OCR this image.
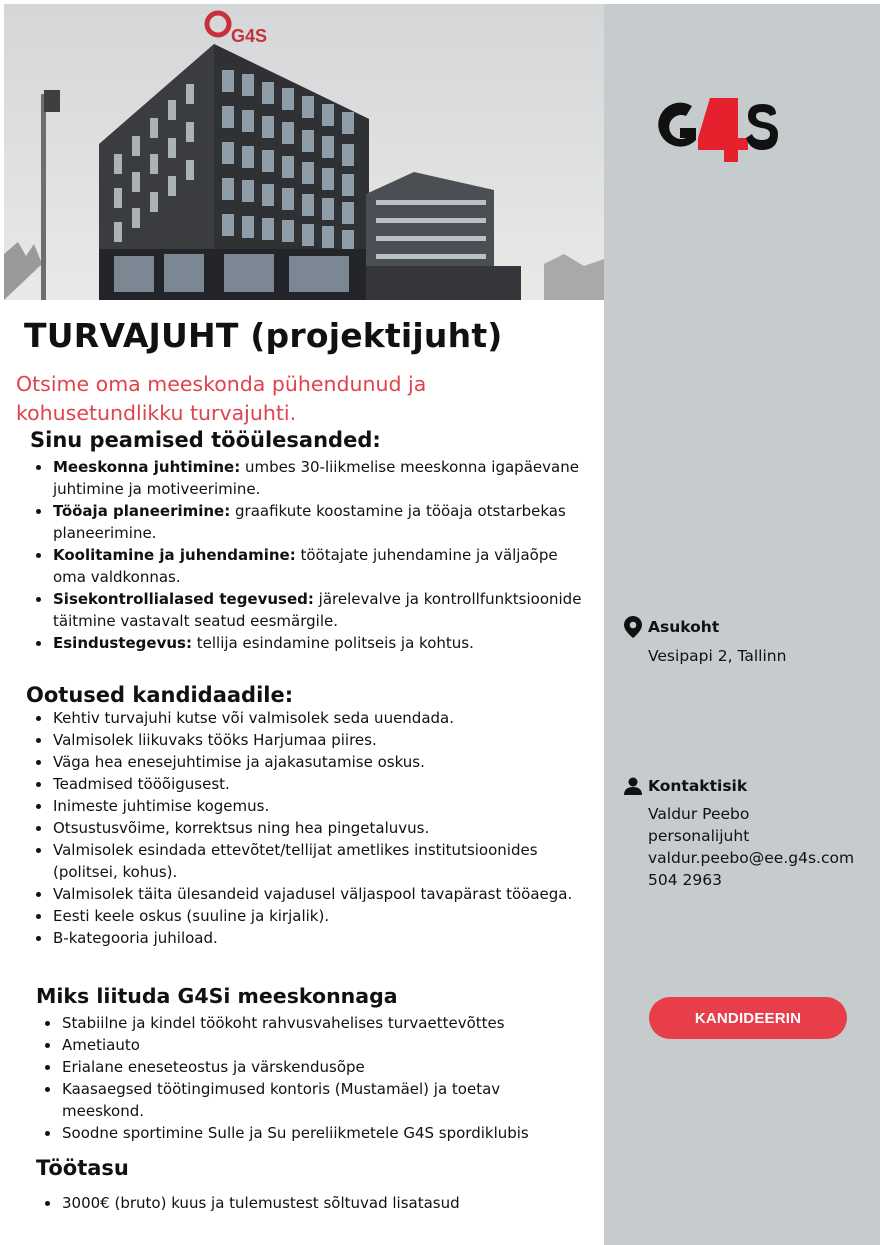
G4S
TURVAJUHT (projektijuht)

Otsime oma meeskonda pühendunud ja kohusetundlikku turvajuhti.

Sinu peamised tööülesanded:
Meeskonna juhtimine: umbes 30-liikmelise meeskonna igapäevane juhtimine ja motiveerimine.
Tööaja planeerimine: graafikute koostamine ja tööaja otstarbekas planeerimine.
Koolitamine ja juhendamine: töötajate juhendamine ja väljaõpe oma valdkonnas.
Sisekontrollialased tegevused: järelevalve ja kontrollfunktsioonide täitmine vastavalt seatud eesmärgile.
Esindustegevus: tellija esindamine politseis ja kohtus.
Ootused kandidaadile:
Kehtiv turvajuhi kutse või valmisolek seda uuendada.
Valmisolek liikuvaks tööks Harjumaa piires.
Väga hea enesejuhtimise ja ajakasutamise oskus.
Teadmised tööõigusest.
Inimeste juhtimise kogemus.
Otsustusvõime, korrektsus ning hea pingetaluvus.
Valmisolek esindada ettevõtet/tellijat ametlikes institutsioonides (politsei, kohus).
Valmisolek täita ülesandeid vajadusel väljaspool tavapärast tööaega.
Eesti keele oskus (suuline ja kirjalik).
B-kategooria juhiload.
Miks liituda G4Si meeskonnaga
Stabiilne ja kindel töökoht rahvusvahelises turvaettevõttes
Ametiauto
Erialane eneseteostus ja värskendusõpe
Kaasaegsed töötingimused kontoris (Mustamäel) ja toetav meeskond.
Soodne sportimine Sulle ja Su pereliikmetele G4S spordiklubis
Töötasu
3000€ (bruto) kuus ja tulemustest sõltuvad lisatasud
Asukoht
Vesipapi 2, Tallinn
Kontaktisik
Valdur Peebo
personalijuht
valdur.peebo@ee.g4s.com
504 2963
KANDIDEERIN
